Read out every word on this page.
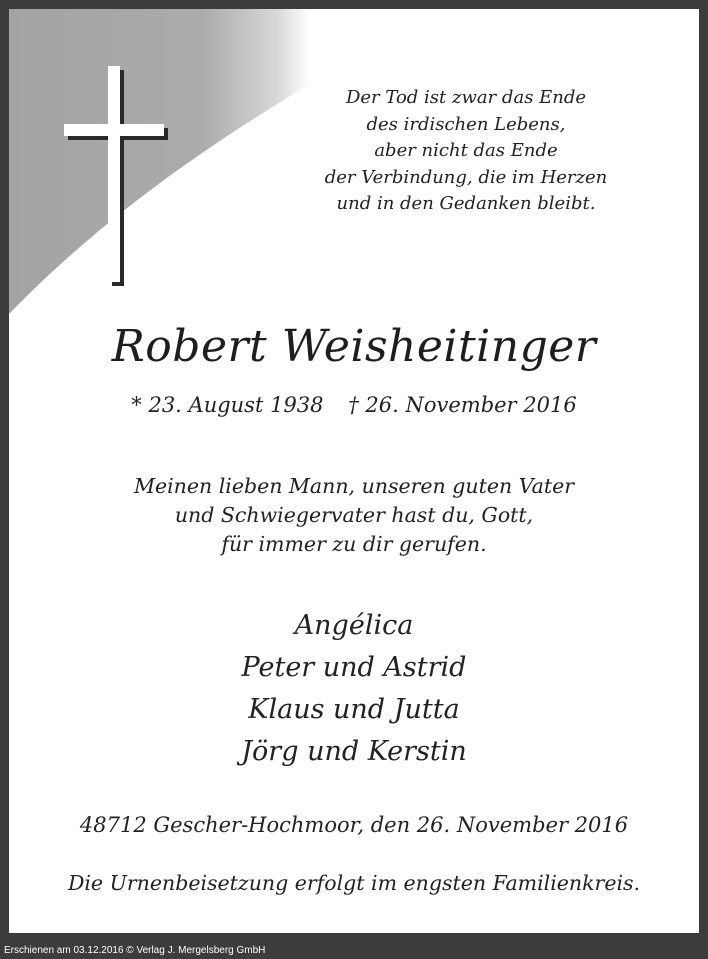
Der Tod ist zwar das Ende
des irdischen Lebens,
aber nicht das Ende
der Verbindung, die im Herzen
und in den Gedanken bleibt.
Robert Weisheitinger
* 23. August 1938 † 26. November 2016
Meinen lieben Mann, unseren guten Vater
und Schwiegervater hast du, Gott,
für immer zu dir gerufen.
Angélica
Peter und Astrid
Klaus und Jutta
Jörg und Kerstin
48712 Gescher-Hochmoor, den 26. November 2016
Die Urnenbeisetzung erfolgt im engsten Familienkreis.
Erschienen am 03.12.2016 © Verlag J. Mergelsberg GmbH
